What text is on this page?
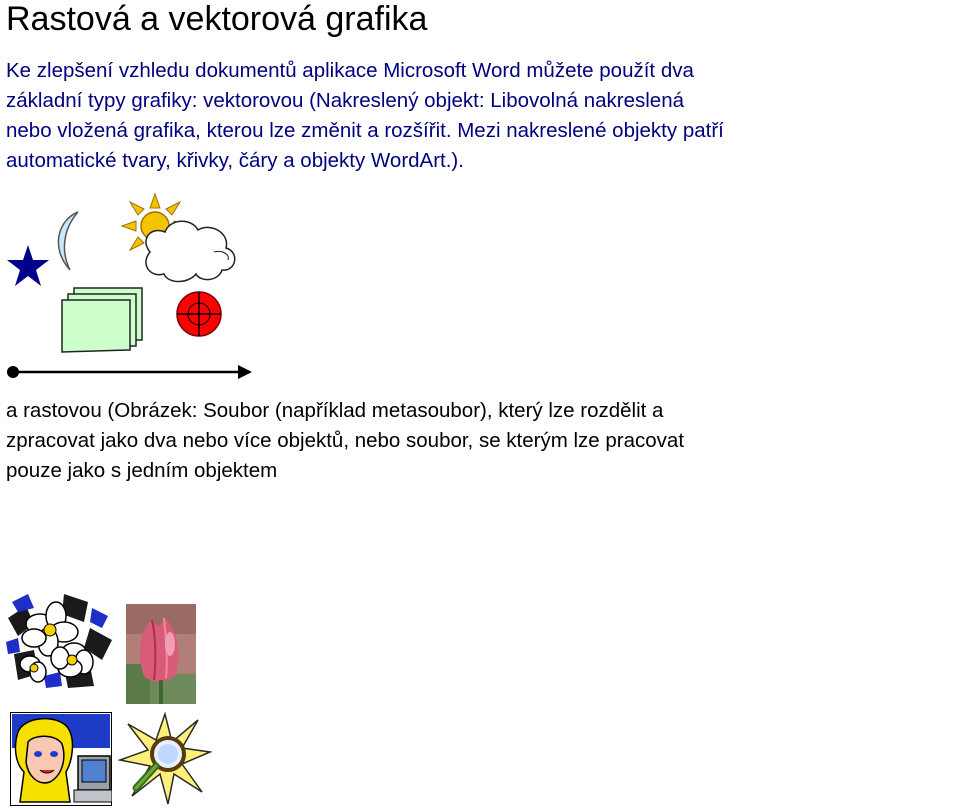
Rastová a vektorová grafika

Ke zlepšení vzhledu dokumentů aplikace Microsoft Word můžete použít dva
základní typy grafiky: vektorovou (Nakreslený objekt: Libovolná nakreslená
nebo vložená grafika, kterou lze změnit a rozšířit. Mezi nakreslené objekty patří
automatické tvary, křivky, čáry a objekty WordArt.).

a rastovou (Obrázek: Soubor (například metasoubor), který lze rozdělit a
zpracovat jako dva nebo více objektů, nebo soubor, se kterým lze pracovat
pouze jako s jedním objektem
